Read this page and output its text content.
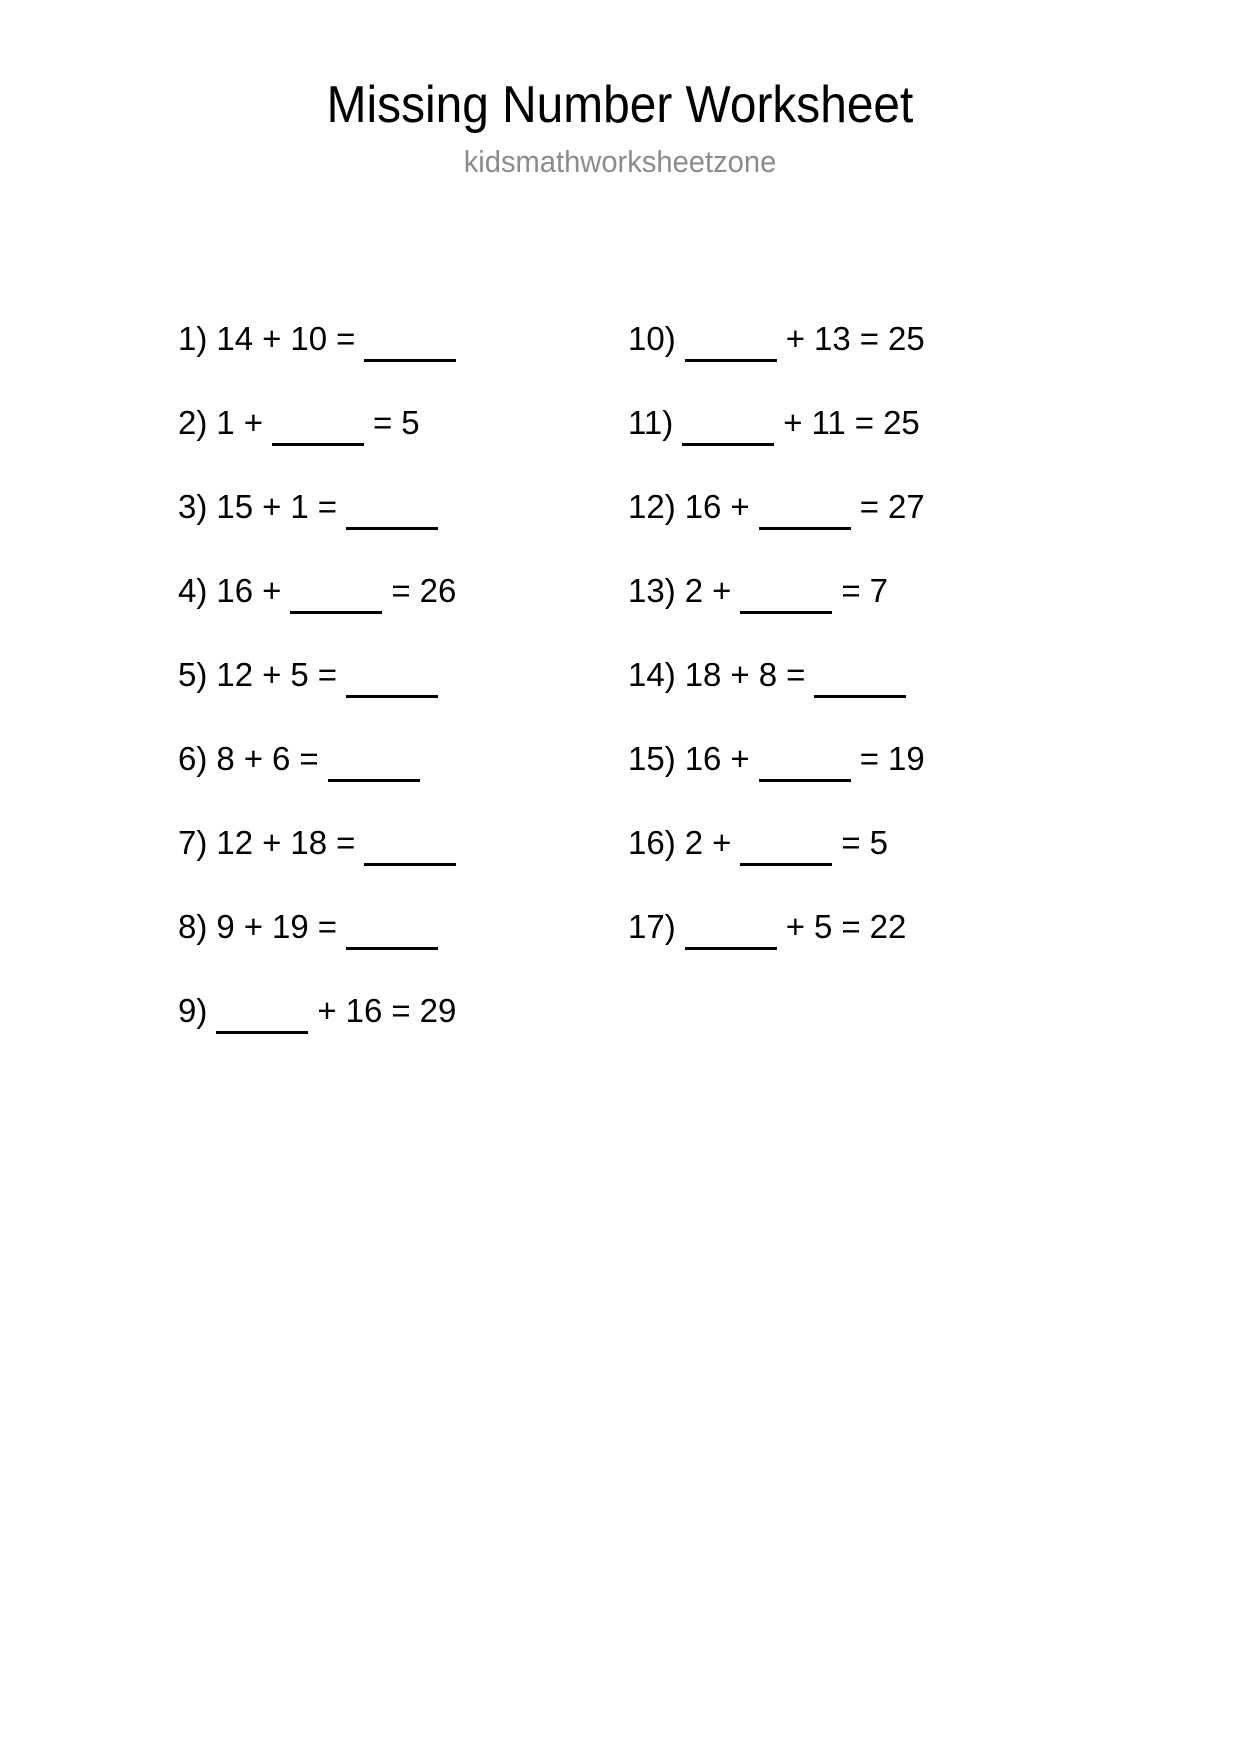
Missing Number Worksheet
kidsmathworksheetzone
1) 14 + 10 =
2) 1 +	= 5
3) 15 + 1 =
4) 16 +	= 26
5) 12 + 5 =
6) 8 + 6 =
7) 12 + 18 =
8) 9 + 19 =
9)	+ 16 = 29
10)	+ 13 = 25
11)	+ 11 = 25
12) 16 +	= 27
13) 2 +	= 7
14) 18 + 8 =
15) 16 +	= 19
16) 2 +	= 5
17)	+ 5 = 22
